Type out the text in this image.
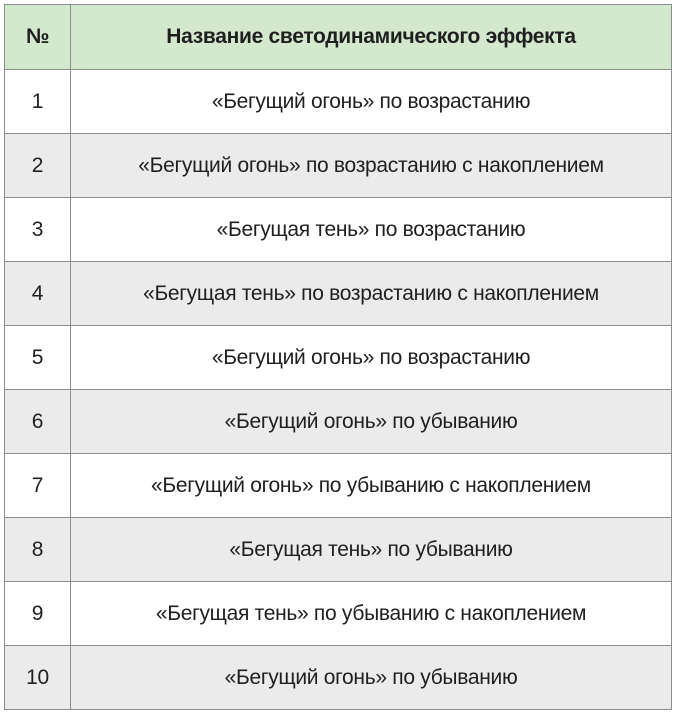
№	Название светодинамического эффекта
1	«Бегущий огонь» по возрастанию
2	«Бегущий огонь» по возрастанию с накоплением
3	«Бегущая тень» по возрастанию
4	«Бегущая тень» по возрастанию с накоплением
5	«Бегущий огонь» по возрастанию
6	«Бегущий огонь» по убыванию
7	«Бегущий огонь» по убыванию с накоплением
8	«Бегущая тень» по убыванию
9	«Бегущая тень» по убыванию с накоплением
10	«Бегущий огонь» по убыванию
